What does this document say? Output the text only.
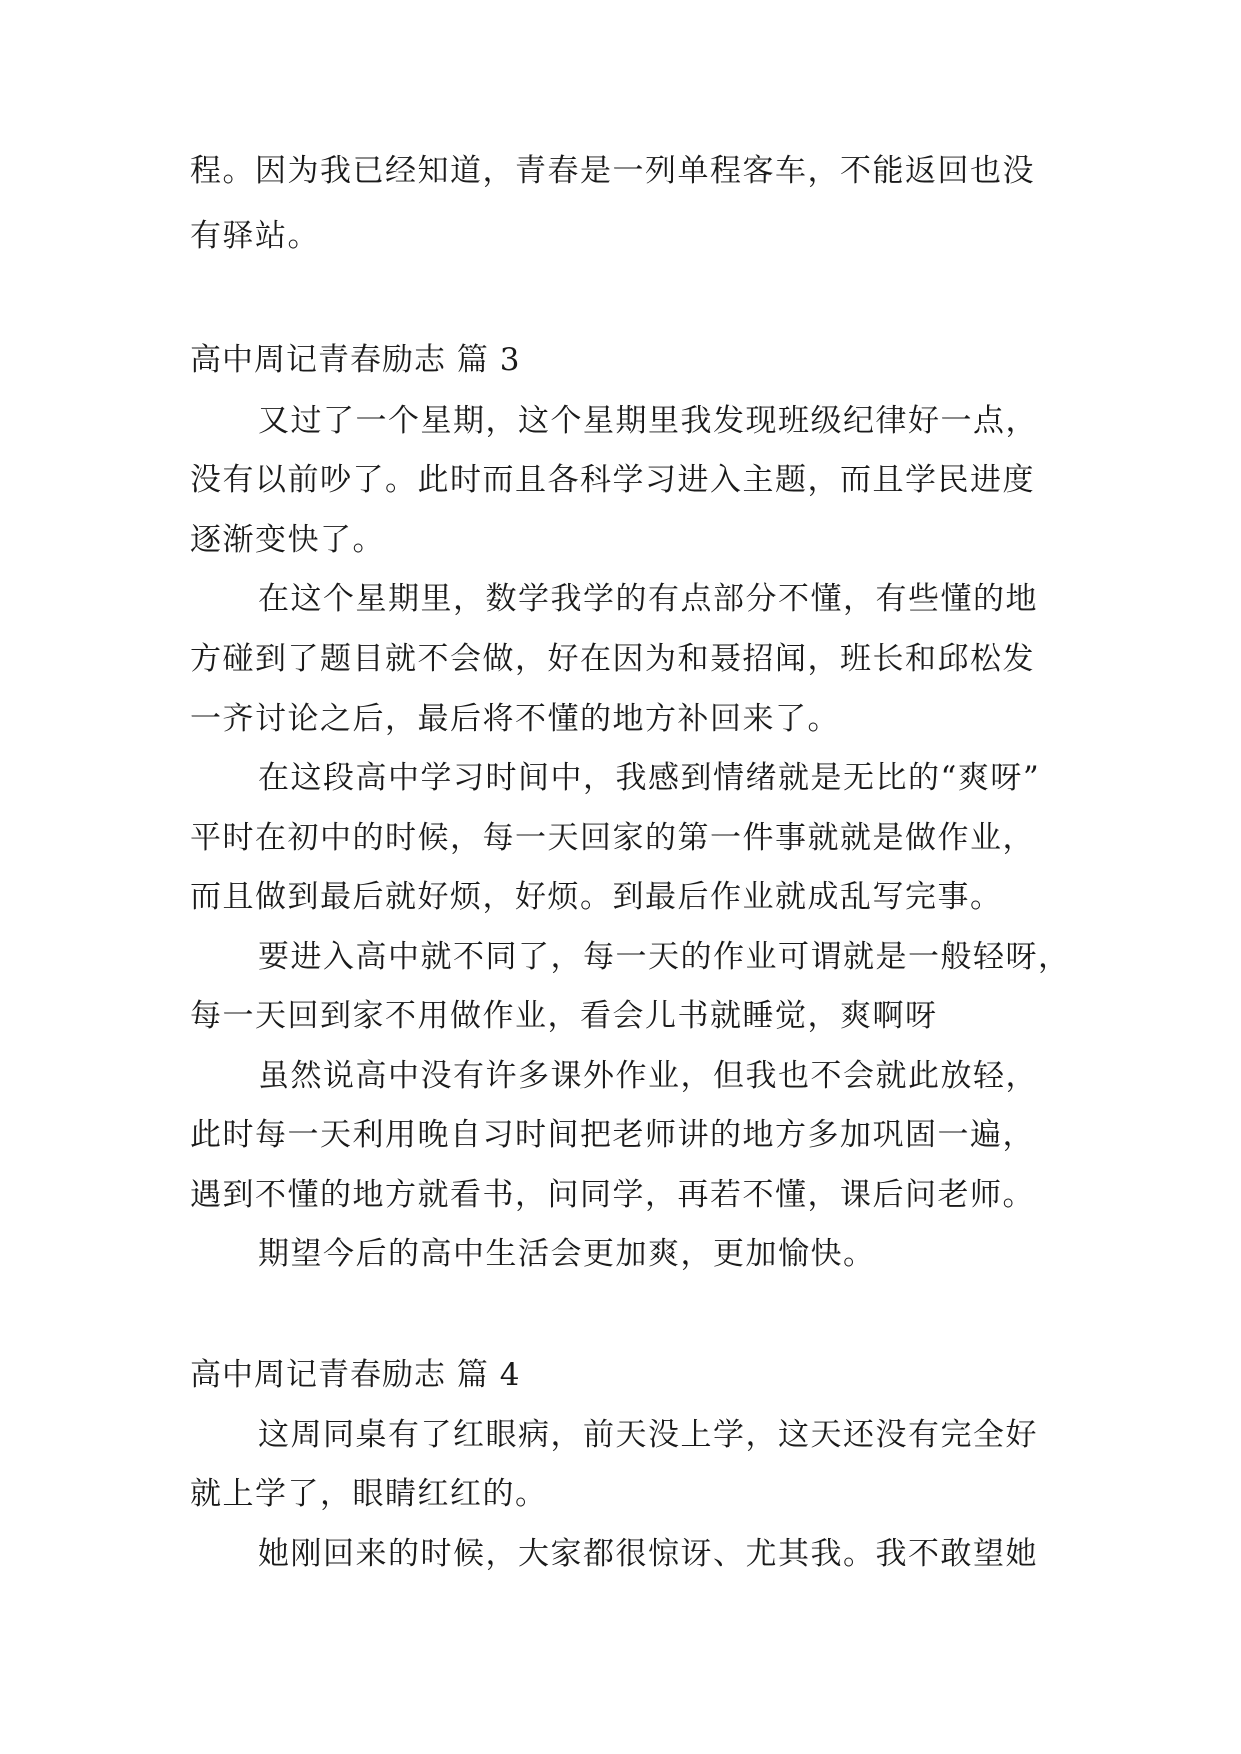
程。因为我已经知道，青春是一列单程客车，不能返回也没
有驿站。
高中周记青春励志 篇 3
又过了一个星期，这个星期里我发现班级纪律好一点，
没有以前吵了。此时而且各科学习进入主题，而且学民进度
逐渐变快了。
在这个星期里，数学我学的有点部分不懂，有些懂的地
方碰到了题目就不会做，好在因为和聂招闻，班长和邱松发
一齐讨论之后，最后将不懂的地方补回来了。
在这段高中学习时间中，我感到情绪就是无比的“爽呀”
平时在初中的时候，每一天回家的第一件事就就是做作业，
而且做到最后就好烦，好烦。到最后作业就成乱写完事。
要进入高中就不同了，每一天的作业可谓就是一般轻呀，
每一天回到家不用做作业，看会儿书就睡觉，爽啊呀
虽然说高中没有许多课外作业，但我也不会就此放轻，
此时每一天利用晚自习时间把老师讲的地方多加巩固一遍，
遇到不懂的地方就看书，问同学，再若不懂，课后问老师。
期望今后的高中生活会更加爽，更加愉快。
高中周记青春励志 篇 4
这周同桌有了红眼病，前天没上学，这天还没有完全好
就上学了，眼睛红红的。
她刚回来的时候，大家都很惊讶、尤其我。我不敢望她
